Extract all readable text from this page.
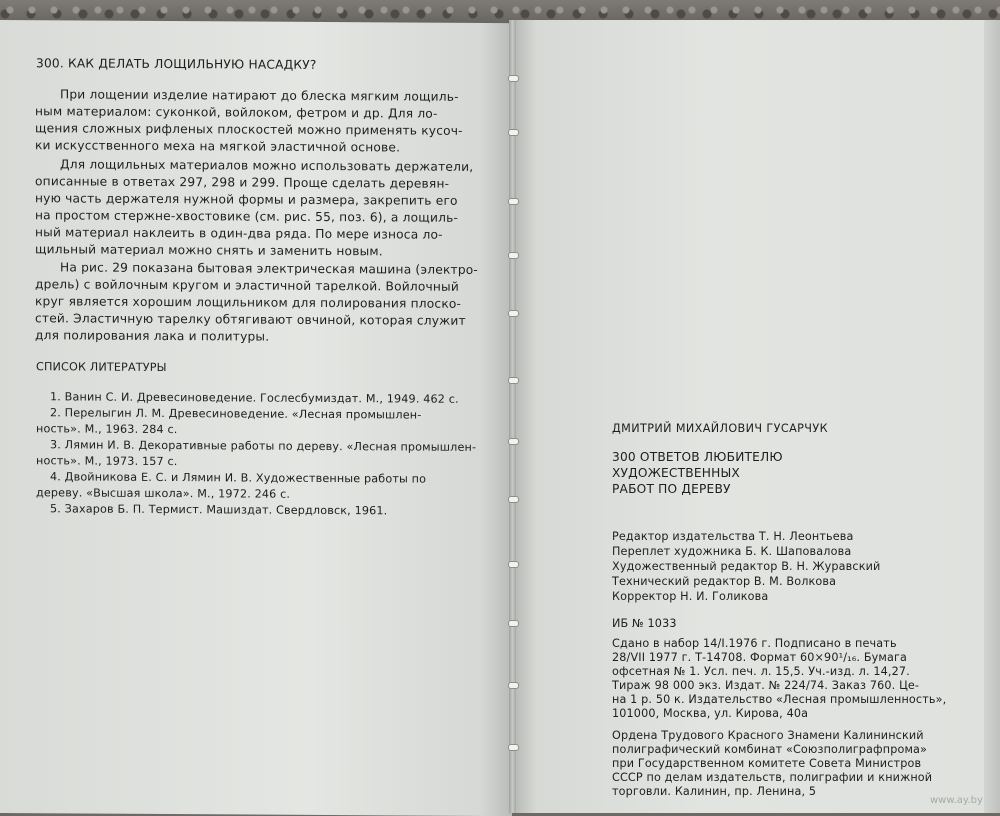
300. КАК ДЕЛАТЬ ЛОЩИЛЬНУЮ НАСАДКУ?
При лощении изделие натирают до блеска мягким лощиль-
ным материалом: суконкой, войлоком, фетром и др. Для ло-
щения сложных рифленых плоскостей можно применять кусоч-
ки искусственного меха на мягкой эластичной основе.
Для лощильных материалов можно использовать держатели,
описанные в ответах 297, 298 и 299. Проще сделать деревян-
ную часть держателя нужной формы и размера, закрепить его
на простом стержне-хвостовике (см. рис. 55, поз. 6), а лощиль-
ный материал наклеить в один-два ряда. По мере износа ло-
щильный материал можно снять и заменить новым.
На рис. 29 показана бытовая электрическая машина (электро-
дрель) с войлочным кругом и эластичной тарелкой. Войлочный
круг является хорошим лощильником для полирования плоско-
стей. Эластичную тарелку обтягивают овчиной, которая служит
для полирования лака и политуры.
СПИСОК ЛИТЕРАТУРЫ
1. Ванин С. И. Древесиноведение. Гослесбумиздат. М., 1949. 462 с.
2. Перелыгин Л. М. Древесиноведение. «Лесная промышлен-
ность». М., 1963. 284 с.
3. Лямин И. В. Декоративные работы по дереву. «Лесная промышлен-
ность». М., 1973. 157 с.
4. Двойникова Е. С. и Лямин И. В. Художественные работы по
дереву. «Высшая школа». М., 1972. 246 с.
5. Захаров Б. П. Термист. Машиздат. Свердловск, 1961.
ДМИТРИЙ МИХАЙЛОВИЧ ГУСАРЧУК
300 ОТВЕТОВ ЛЮБИТЕЛЮ
ХУДОЖЕСТВЕННЫХ
РАБОТ ПО ДЕРЕВУ
Редактор издательства Т. Н. Леонтьева
Переплет художника Б. К. Шаповалова
Художественный редактор В. Н. Журавский
Технический редактор В. М. Волкова
Корректор Н. И. Голикова
ИБ № 1033
Сдано в набор 14/I.1976 г. Подписано в печать
28/VII 1977 г. Т-14708. Формат 60×90¹/₁₆. Бумага
офсетная № 1. Усл. печ. л. 15,5. Уч.-изд. л. 14,27.
Тираж 98 000 экз. Издат. № 224/74. Заказ 760. Це-
на 1 р. 50 к. Издательство «Лесная промышленность»,
101000, Москва, ул. Кирова, 40а
Ордена Трудового Красного Знамени Калининский
полиграфический комбинат «Союзполиграфпрома»
при Государственном комитете Совета Министров
СССР по делам издательств, полиграфии и книжной
торговли. Калинин, пр. Ленина, 5
www.ay.by
